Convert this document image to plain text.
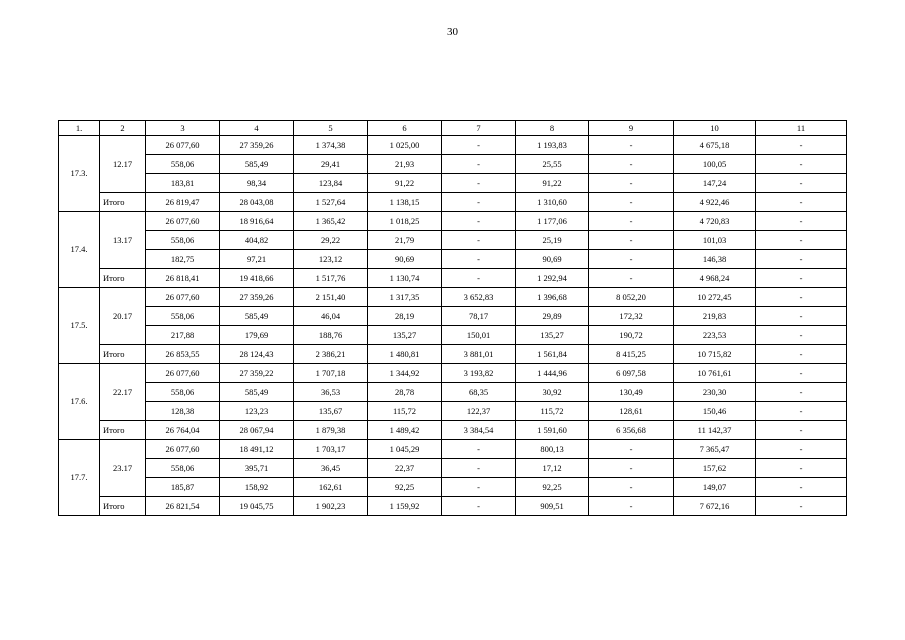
30
1.	2	3	4	5	6	7	8	9	10	11
17.3.	12.17	26 077,60	27 359,26	1 374,38	1 025,00	-	1 193,83	-	4 675,18	-
		558,06	585,49	29,41	21,93	-	25,55	-	100,05	-
		183,81	98,34	123,84	91,22	-	91,22	-	147,24	-
	Итого	26 819,47	28 043,08	1 527,64	1 138,15	-	1 310,60	-	4 922,46	-
17.4.	13.17	26 077,60	18 916,64	1 365,42	1 018,25	-	1 177,06	-	4 720,83	-
		558,06	404,82	29,22	21,79	-	25,19	-	101,03	-
		182,75	97,21	123,12	90,69	-	90,69	-	146,38	-
	Итого	26 818,41	19 418,66	1 517,76	1 130,74	-	1 292,94	-	4 968,24	-
17.5.	20.17	26 077,60	27 359,26	2 151,40	1 317,35	3 652,83	1 396,68	8 052,20	10 272,45	-
		558,06	585,49	46,04	28,19	78,17	29,89	172,32	219,83	-
		217,88	179,69	188,76	135,27	150,01	135,27	190,72	223,53	-
	Итого	26 853,55	28 124,43	2 386,21	1 480,81	3 881,01	1 561,84	8 415,25	10 715,82	-
17.6.	22.17	26 077,60	27 359,22	1 707,18	1 344,92	3 193,82	1 444,96	6 097,58	10 761,61	-
		558,06	585,49	36,53	28,78	68,35	30,92	130,49	230,30	-
		128,38	123,23	135,67	115,72	122,37	115,72	128,61	150,46	-
	Итого	26 764,04	28 067,94	1 879,38	1 489,42	3 384,54	1 591,60	6 356,68	11 142,37	-
17.7.	23.17	26 077,60	18 491,12	1 703,17	1 045,29	-	800,13	-	7 365,47	-
		558,06	395,71	36,45	22,37	-	17,12	-	157,62	-
		185,87	158,92	162,61	92,25	-	92,25	-	149,07	-
	Итого	26 821,54	19 045,75	1 902,23	1 159,92	-	909,51	-	7 672,16	-
